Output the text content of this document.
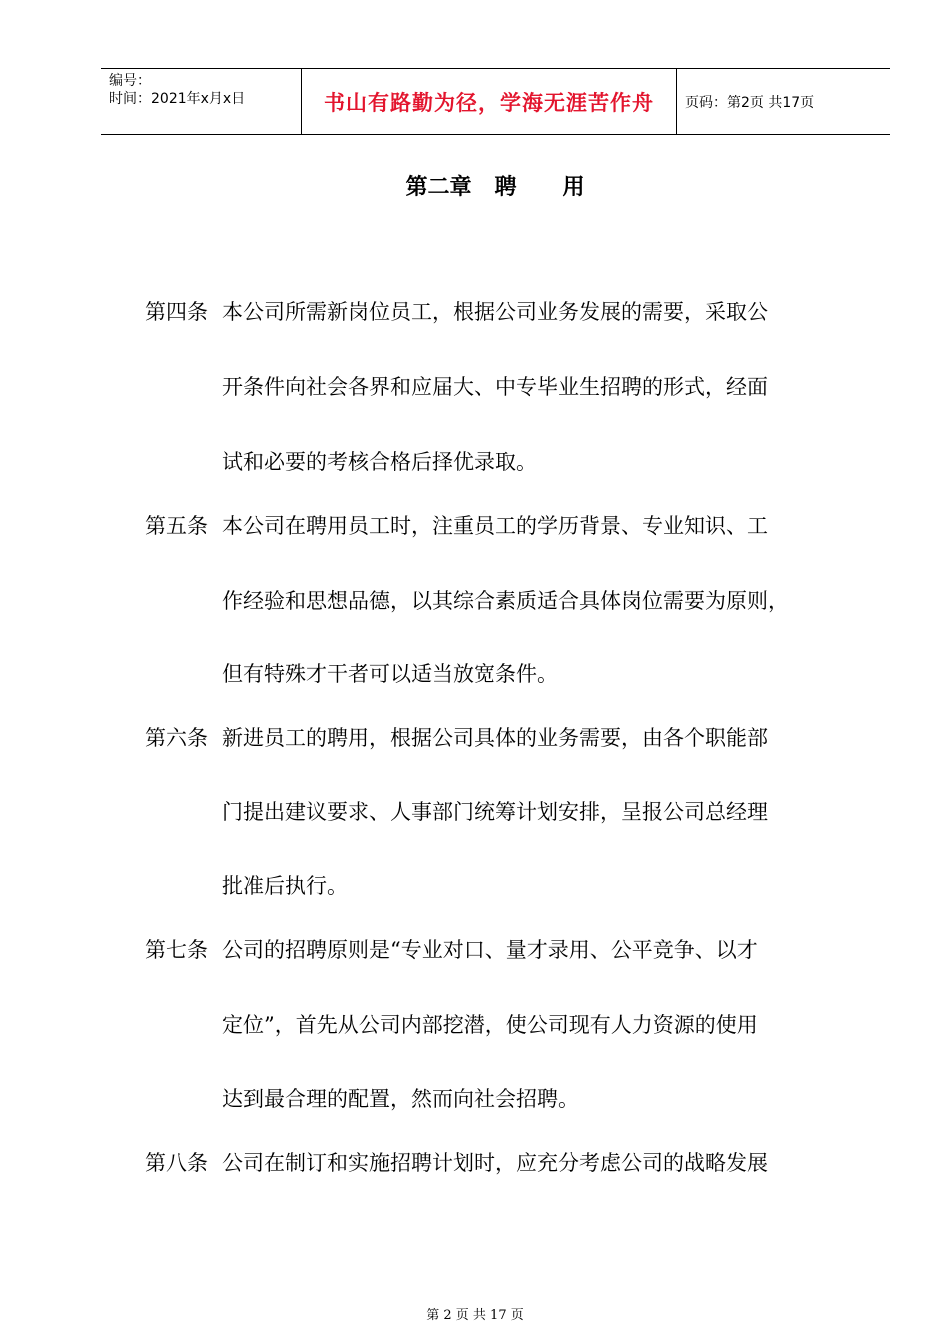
编号：
时间：2021年x月x日	书山有路勤为径，学海无涯苦作舟	页码：第2页 共17页
第二章   聘      用
第四条 本公司所需新岗位员工，根据公司业务发展的需要，采取公
开条件向社会各界和应届大、中专毕业生招聘的形式，经面
试和必要的考核合格后择优录取。
第五条 本公司在聘用员工时，注重员工的学历背景、专业知识、工
作经验和思想品德，以其综合素质适合具体岗位需要为原则，
但有特殊才干者可以适当放宽条件。
第六条 新进员工的聘用，根据公司具体的业务需要，由各个职能部
门提出建议要求、人事部门统筹计划安排，呈报公司总经理
批准后执行。
第七条 公司的招聘原则是“专业对口、量才录用、公平竞争、以才
定位”，首先从公司内部挖潜，使公司现有人力资源的使用
达到最合理的配置，然而向社会招聘。
第八条 公司在制订和实施招聘计划时，应充分考虑公司的战略发展
第 2 页 共 17 页
